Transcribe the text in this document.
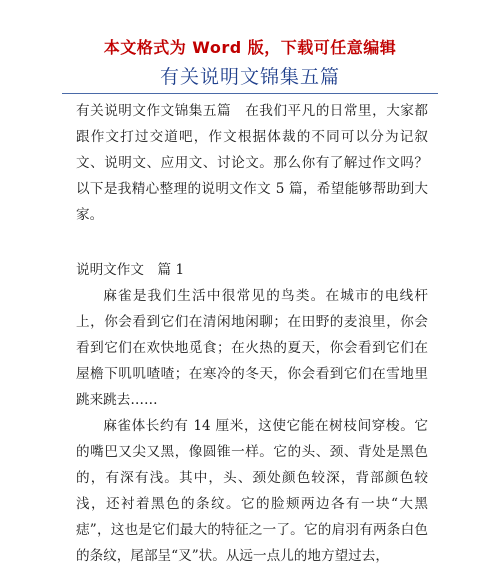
本文格式为 Word 版，下载可任意编辑
有关说明文锦集五篇

有关说明文作文锦集五篇　在我们平凡的日常里，大家都跟作文打过交道吧，作文根据体裁的不同可以分为记叙文、说明文、应用文、讨论文。那么你有了解过作文吗？以下是我精心整理的说明文作文 5 篇，希望能够帮助到大家。

说明文作文　篇 1

麻雀是我们生活中很常见的鸟类。在城市的电线杆上，你会看到它们在清闲地闲聊；在田野的麦浪里，你会看到它们在欢快地觅食；在火热的夏天，你会看到它们在屋檐下叽叽喳喳；在寒冷的冬天，你会看到它们在雪地里跳来跳去……

麻雀体长约有 14 厘米，这使它能在树枝间穿梭。它的嘴巴又尖又黑，像圆锥一样。它的头、颈、背处是黑色的，有深有浅。其中，头、颈处颜色较深，背部颜色较浅，还衬着黑色的条纹。它的脸颊两边各有一块“大黑痣”，这也是它们最大的特征之一了。它的肩羽有两条白色的条纹，尾部呈“叉”状。从远一点儿的地方望过去，
